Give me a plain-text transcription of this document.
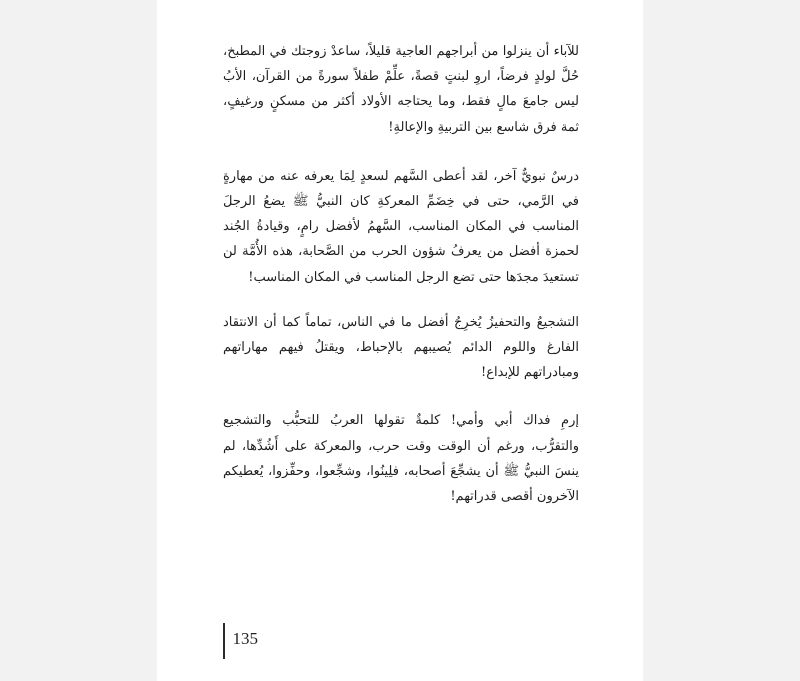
للآباء أن ينزلوا من أبراجهم العاجية قليلاً، ساعدْ زوجتك في المطبخ، حُلَّ لولدٍ فرضاً، اروِ لبنتٍ قصةً، علِّمْ طفلاً سورةً من القرآن، الأبُ ليس جامعَ مالٍ فقط، وما يحتاجه الأولاد أكثر من مسكنٍ ورغيفٍ، ثمة فرق شاسع بين التربيةِ والإعالةِ!

درسٌ نبويٌّ آخر، لقد أعطى السَّهم لسعدٍ لِمَا يعرفه عنه من مهارةٍ في الرَّمي، حتى في خِضَمِّ المعركةِ كان النبيُّ ﷺ يضعُ الرجلَ المناسب في المكان المناسب، السَّهمُ لأفضل رامٍ، وقيادةُ الجُند لحمزة أفضل من يعرفُ شؤون الحرب من الصَّحابة، هذه الأُمَّة لن تستعيدَ مجدَها حتى تضع الرجل المناسب في المكان المناسب!

التشجيعُ والتحفيزُ يُخرِجُ أفضل ما في الناس، تماماً كما أن الانتقاد الفارغ واللوم الدائم يُصيبهم بالإحباط، ويقتلُ فيهم مهاراتهم ومبادراتهم للإبداع!

إرمِ فداك أبي وأمي! كلمةٌ تقولها العربُ للتحبُّب والتشجيع والتقرُّب، ورغم أن الوقت وقت حرب، والمعركة على أَشُدِّها، لم ينسَ النبيُّ ﷺ أن يشجِّعَ أصحابه، فلِينُوا، وشجِّعوا، وحفِّزوا، يُعطيكم الآخرون أقصى قدراتهم!

135
